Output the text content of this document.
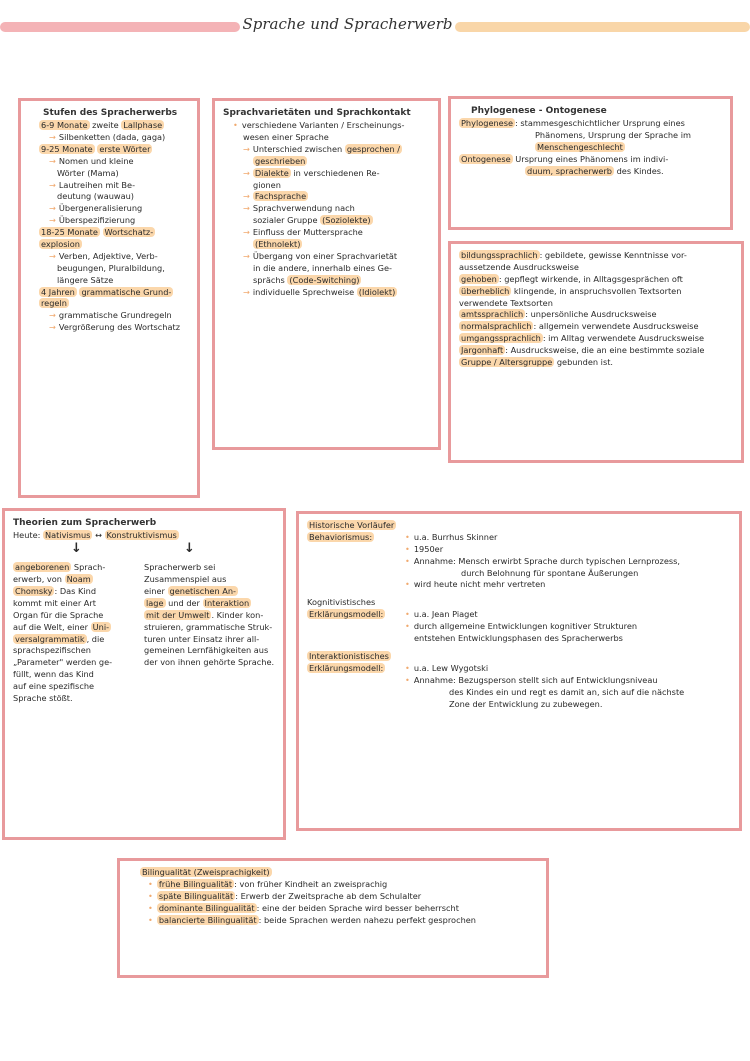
Sprache und Spracherwerb
Stufen des Spracherwerbs
6-9 Monate zweite Lallphase
→ Silbenketten (dada, gaga)
9-25 Monate erste Wörter
→ Nomen und kleine
Wörter (Mama)
→ Lautreihen mit Be-
deutung (wauwau)
→ Übergeneralisierung
→ Überspezifizierung
18-25 Monate Wortschatz-
explosion
→ Verben, Adjektive, Verb-
beugungen, Pluralbildung,
längere Sätze
4 Jahren grammatische Grund-
regeln
→ grammatische Grundregeln
→ Vergrößerung des Wortschatz
Sprachvarietäten und Sprachkontakt
• verschiedene Varianten / Erscheinungs-
wesen einer Sprache
→ Unterschied zwischen gesprochen /
geschrieben
→ Dialekte in verschiedenen Re-
gionen
→ Fachsprache
→ Sprachverwendung nach
sozialer Gruppe (Soziolekte)
→ Einfluss der Muttersprache
(Ethnolekt)
→ Übergang von einer Sprachvarietät
in die andere, innerhalb eines Ge-
sprächs (Code-Switching)
→ individuelle Sprechweise (Idiolekt)
Phylogenese - Ontogenese
Phylogenese : stammesgeschichtlicher Ursprung eines
Phänomens, Ursprung der Sprache im
Menschengeschlecht
Ontogenese Ursprung eines Phänomens im indivi-
duum, spracherwerb des Kindes.
bildungssprachlich : gebildete, gewisse Kenntnisse vor-
aussetzende Ausdrucksweise
gehoben : gepflegt wirkende, in Alltagsgesprächen oft
überheblich klingende, in anspruchsvollen Textsorten
verwendete Textsorten
amtssprachlich : unpersönliche Ausdrucksweise
normalsprachlich : allgemein verwendete Ausdrucksweise
umgangssprachlich : im Alltag verwendete Ausdrucksweise
Jargonhaft : Ausdrucksweise, die an eine bestimmte soziale
Gruppe / Altersgruppe gebunden ist.
Theorien zum Spracherwerb
Heute: Nativismus ↔ Konstruktivismus
↓	↓
angeborenen Sprach-
erwerb, von Noam
Chomsky : Das Kind
kommt mit einer Art
Organ für die Sprache
auf die Welt, einer Uni-
versalgrammatik , die
sprachspezifischen
„Parameter" werden ge-
füllt, wenn das Kind
auf eine spezifische
Sprache stößt.
Spracherwerb sei
Zusammenspiel aus
einer genetischen An-
lage und der Interaktion
mit der Umwelt . Kinder kon-
struieren, grammatische Struk-
turen unter Einsatz ihrer all-
gemeinen Lernfähigkeiten aus
der von ihnen gehörte Sprache.
Historische Vorläufer
Behaviorismus:	• u.a. Burrhus Skinner
• 1950er
• Annahme: Mensch erwirbt Sprache durch typischen Lernprozess,
durch Belohnung für spontane Äußerungen
• wird heute nicht mehr vertreten
Kognitivistisches
Erklärungsmodell:	• u.a. Jean Piaget
• durch allgemeine Entwicklungen kognitiver Strukturen
entstehen Entwicklungsphasen des Spracherwerbs
Interaktionistisches
Erklärungsmodell:	• u.a. Lew Wygotski
• Annahme: Bezugsperson stellt sich auf Entwicklungsniveau
des Kindes ein und regt es damit an, sich auf die nächste
Zone der Entwicklung zu zubewegen.
Bilingualität (Zweisprachigkeit)
• frühe Bilingualität : von früher Kindheit an zweisprachig
• späte Bilingualität : Erwerb der Zweitsprache ab dem Schulalter
• dominante Bilingualität : eine der beiden Sprache wird besser beherrscht
• balancierte Bilingualität : beide Sprachen werden nahezu perfekt gesprochen
